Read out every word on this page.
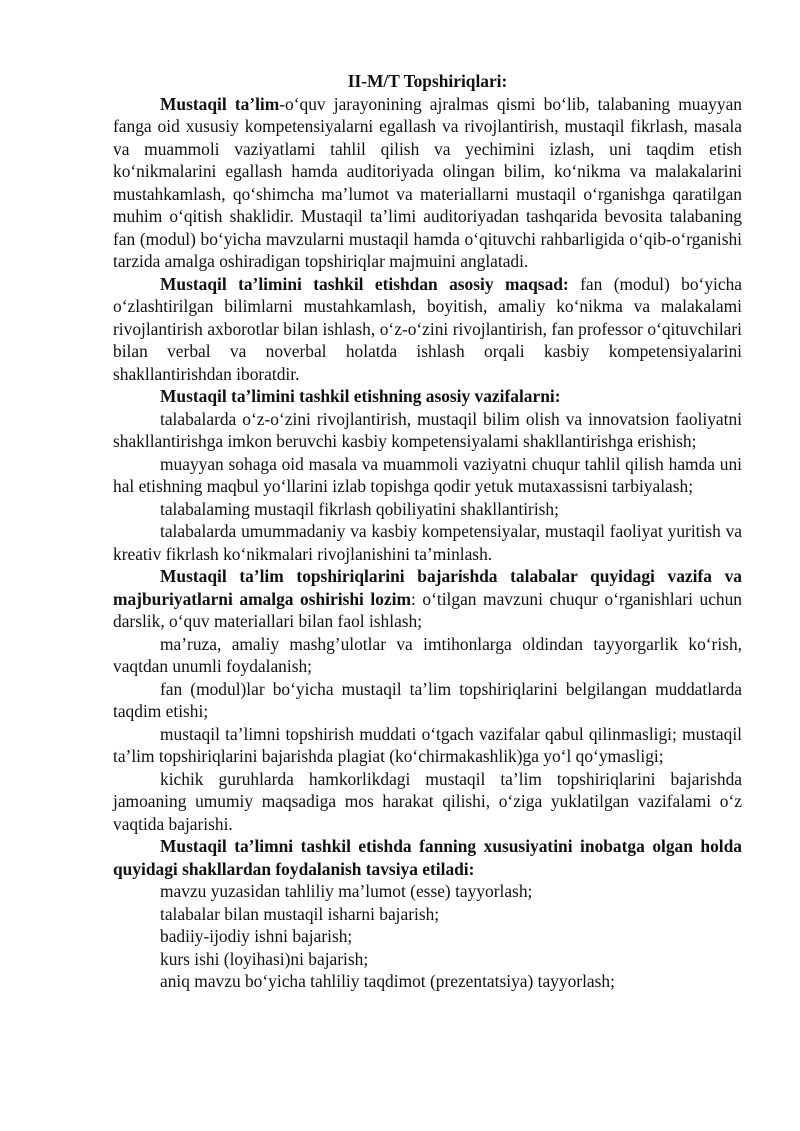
II-M/T Topshiriqlari:

Mustaqil ta’lim-o‘quv jarayonining ajralmas qismi bo‘lib, talabaning muayyan fanga oid xususiy kompetensiyalarni egallash va rivojlantirish, mustaqil fikrlash, masala va muammoli vaziyatlami tahlil qilish va yechimini izlash, uni taqdim etish ko‘nikmalarini egallash hamda auditoriyada olingan bilim, ko‘nikma va malakalarini mustahkamlash, qo‘shimcha ma’lumot va materiallarni mustaqil o‘rganishga qaratilgan muhim o‘qitish shaklidir. Mustaqil ta’limi auditoriyadan tashqarida bevosita talabaning fan (modul) bo‘yicha mavzularni mustaqil hamda o‘qituvchi rahbarligida o‘qib-o‘rganishi tarzida amalga oshiradigan topshiriqlar majmuini anglatadi.

Mustaqil ta’limini tashkil etishdan asosiy maqsad: fan (modul) bo‘yicha o‘zlashtirilgan bilimlarni mustahkamlash, boyitish, amaliy ko‘nikma va malakalami rivojlantirish axborotlar bilan ishlash, o‘z-o‘zini rivojlantirish, fan professor o‘qituvchilari bilan verbal va noverbal holatda ishlash orqali kasbiy kompetensiyalarini shakllantirishdan iboratdir.

Mustaqil ta’limini tashkil etishning asosiy vazifalarni:

talabalarda o‘z-o‘zini rivojlantirish, mustaqil bilim olish va innovatsion faoliyatni shakllantirishga imkon beruvchi kasbiy kompetensiyalami shakllantirishga erishish;

muayyan sohaga oid masala va muammoli vaziyatni chuqur tahlil qilish hamda uni hal etishning maqbul yo‘llarini izlab topishga qodir yetuk mutaxassisni tarbiyalash;

talabalaming mustaqil fikrlash qobiliyatini shakllantirish;

talabalarda umummadaniy va kasbiy kompetensiyalar, mustaqil faoliyat yuritish va kreativ fikrlash ko‘nikmalari rivojlanishini ta’minlash.

Mustaqil ta’lim topshiriqlarini bajarishda talabalar quyidagi vazifa va majburiyatlarni amalga oshirishi lozim: o‘tilgan mavzuni chuqur o‘rganishlari uchun darslik, o‘quv materiallari bilan faol ishlash;

ma’ruza, amaliy mashg’ulotlar va imtihonlarga oldindan tayyorgarlik ko‘rish, vaqtdan unumli foydalanish;

fan (modul)lar bo‘yicha mustaqil ta’lim topshiriqlarini belgilangan muddatlarda taqdim etishi;

mustaqil ta’limni topshirish muddati o‘tgach vazifalar qabul qilinmasligi; mustaqil ta’lim topshiriqlarini bajarishda plagiat (ko‘chirmakashlik)ga yo‘l qo‘ymasligi;

kichik guruhlarda hamkorlikdagi mustaqil ta’lim topshiriqlarini bajarishda jamoaning umumiy maqsadiga mos harakat qilishi, o‘ziga yuklatilgan vazifalami o‘z vaqtida bajarishi.

Mustaqil ta’limni tashkil etishda fanning xususiyatini inobatga olgan holda quyidagi shakllardan foydalanish tavsiya etiladi:

mavzu yuzasidan tahliliy ma’lumot (esse) tayyorlash;

talabalar bilan mustaqil isharni bajarish;

badiiy-ijodiy ishni bajarish;

kurs ishi (loyihasi)ni bajarish;

aniq mavzu bo‘yicha tahliliy taqdimot (prezentatsiya) tayyorlash;
